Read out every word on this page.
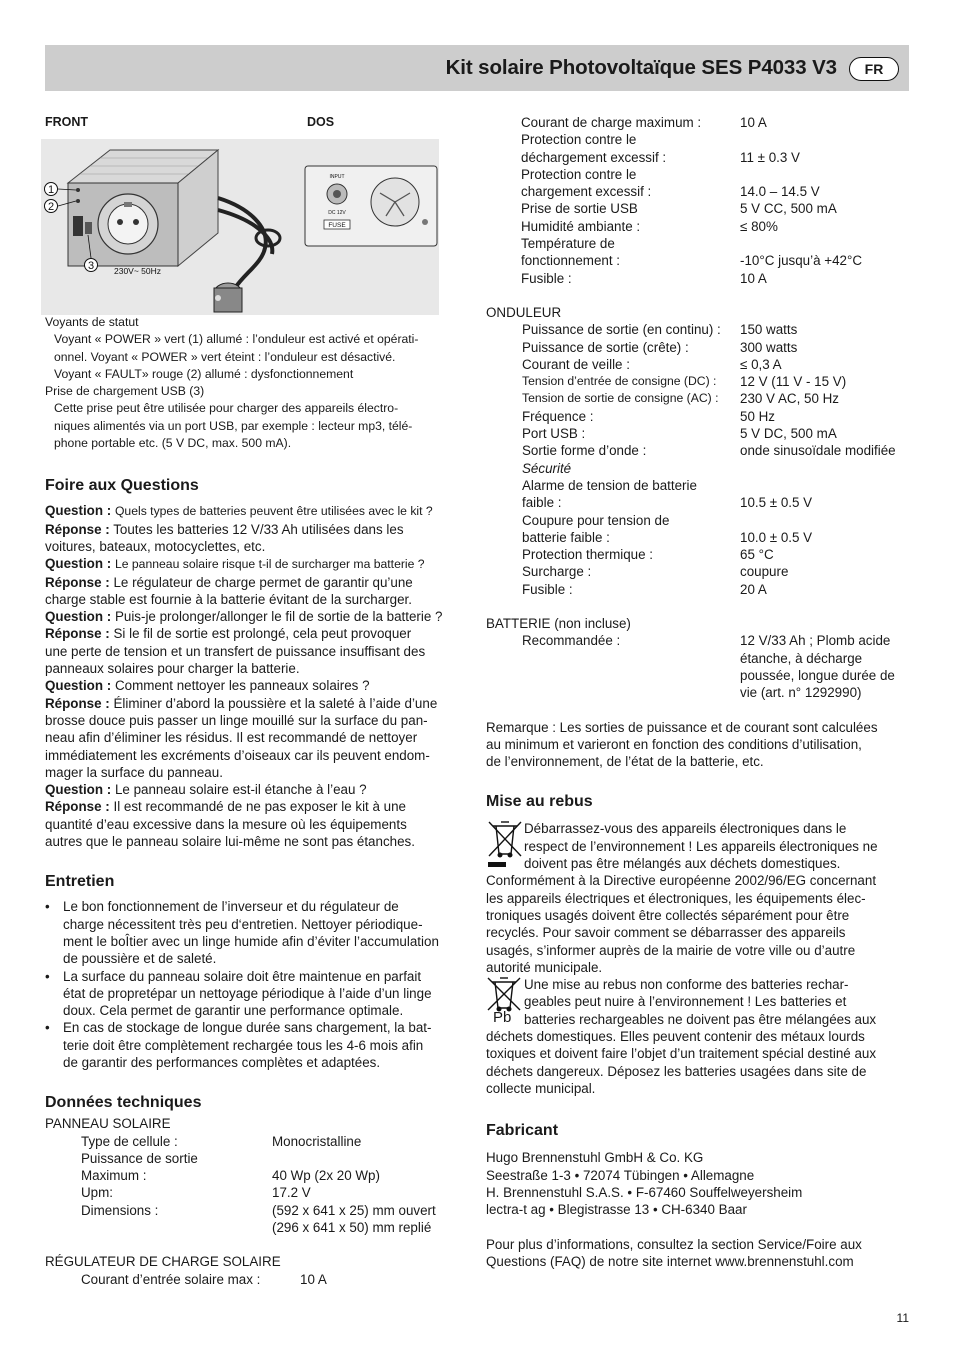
Kit solaire Photovoltaïque SES P4033 V3	FR
FRONT	DOS
1
2
3 230V~ 50Hz
FUSE
INPUT
DC 12V

Voyants de statut

Voyant « POWER » vert (1) allumé : l’onduleur est activé et opérati-

onnel. Voyant « POWER » vert éteint : l’onduleur est désactivé.

Voyant « FAULT» rouge (2) allumé : dysfonctionnement

Prise de chargement USB (3)

Cette prise peut être utilisée pour charger des appareils électro-

niques alimentés via un port USB, par exemple : lecteur mp3, télé-

phone portable etc. (5 V DC, max. 500 mA).

Foire aux Questions

Question : Quels types de batteries peuvent être utilisées avec le kit ?

Réponse : Toutes les batteries 12 V/33 Ah utilisées dans les

voitures, bateaux, motocyclettes, etc.

Question : Le panneau solaire risque t-il de surcharger ma batterie ?

Réponse : Le régulateur de charge permet de garantir qu’une

charge stable est fournie à la batterie évitant de la surcharger.

Question : Puis-je prolonger/allonger le fil de sortie de la batterie ?

Réponse : Si le fil de sortie est prolongé, cela peut provoquer

une perte de tension et un transfert de puissance insuffisant des

panneaux solaires pour charger la batterie.

Question : Comment nettoyer les panneaux solaires ?

Réponse : Éliminer d’abord la poussière et la saleté à l’aide d’une

brosse douce puis passer un linge mouillé sur la surface du pan-

neau afin d’éliminer les résidus. Il est recommandé de nettoyer

immédiatement les excréments d’oiseaux car ils peuvent endom-

mager la surface du panneau.

Question : Le panneau solaire est-il étanche à l’eau ?

Réponse : Il est recommandé de ne pas exposer le kit à une

quantité d’eau excessive dans la mesure où les équipements

autres que le panneau solaire lui-même ne sont pas étanches.

Entretien
• Le bon fonctionnement de l’inverseur et du régulateur de

charge nécessitent très peu d‘entretien. Nettoyer périodique-

ment le boÎtier avec un linge humide afin d’éviter l’accumulation

de poussière et de saleté.

• La surface du panneau solaire doit être maintenue en parfait

état de propretépar un nettoyage périodique à l’aide d’un linge

doux. Cela permet de garantir une performance optimale.

• En cas de stockage de longue durée sans chargement, la bat-

terie doit être complètement rechargée tous les 4-6 mois afin

de garantir des performances complètes et adaptées.

Données techniques

PANNEAU SOLAIRE

Type de cellule :	Monocristalline
Puissance de sortie
Maximum :	40 Wp (2x 20 Wp)
Upm:	17.2 V
Dimensions :	(592 x 641 x 25) mm ouvert
(296 x 641 x 50) mm replié

RÉGULATEUR DE CHARGE SOLAIRE

Courant d’entrée solaire max :	10 A
Courant de charge maximum :	10 A
Protection contre le
déchargement excessif :	11 ± 0.3 V
Protection contre le
chargement excessif :	14.0 – 14.5 V
Prise de sortie USB	5 V CC, 500 mA
Humidité ambiante :	≤ 80%
Température de
fonctionnement :	-10°C jusqu’à +42°C
Fusible :	10 A

ONDULEUR

Puissance de sortie (en continu) :	150 watts
Puissance de sortie (crête) :	300 watts
Courant de veille :	≤ 0,3 A
Tension d’entrée de consigne (DC) :	12 V (11 V - 15 V)
Tension de sortie de consigne (AC) :	230 V AC, 50 Hz
Fréquence :	50 Hz
Port USB :	5 V DC, 500 mA
Sortie forme d’onde :	onde sinusoïdale modifiée

Sécurité

Alarme de tension de batterie
faible :	10.5 ± 0.5 V
Coupure pour tension de
batterie faible :	10.0 ± 0.5 V
Protection thermique :	65 °C
Surcharge :	coupure
Fusible :	20 A

BATTERIE (non incluse)

Recommandée :	12 V/33 Ah ; Plomb acide

étanche, à décharge

poussée, longue durée de

vie (art. n° 1292990)

Remarque : Les sorties de puissance et de courant sont calculées

au minimum et varieront en fonction des conditions d’utilisation,

de l’environnement, de l’état de la batterie, etc.

Mise au rebus

Débarrassez-vous des appareils électroniques dans le

respect de l’environnement ! Les appareils électroniques ne

doivent pas être mélangés aux déchets domestiques.

Conformément à la Directive européenne 2002/96/EG concernant

les appareils électriques et électroniques, les équipements élec-

troniques usagés doivent être collectés séparément pour être

recyclés. Pour savoir comment se débarrasser des appareils

usagés, s’informer auprès de la mairie de votre ville ou d’autre

autorité municipale.

Pb

Une mise au rebus non conforme des batteries rechar-

geables peut nuire à l’environnement ! Les batteries et

batteries rechargeables ne doivent pas être mélangées aux

déchets domestiques. Elles peuvent contenir des métaux lourds

toxiques et doivent faire l’objet d’un traitement spécial destiné aux

déchets dangereux. Déposez les batteries usagées dans site de

collecte municipal.

Fabricant

Hugo Brennenstuhl GmbH & Co. KG

Seestraße 1-3 • 72074 Tübingen • Allemagne

H. Brennenstuhl S.A.S. • F-67460 Souffelweyersheim

lectra-t ag • Blegistrasse 13 • CH-6340 Baar

Pour plus d’informations, consultez la section Service/Foire aux

Questions (FAQ) de notre site internet www.brennenstuhl.com

11
